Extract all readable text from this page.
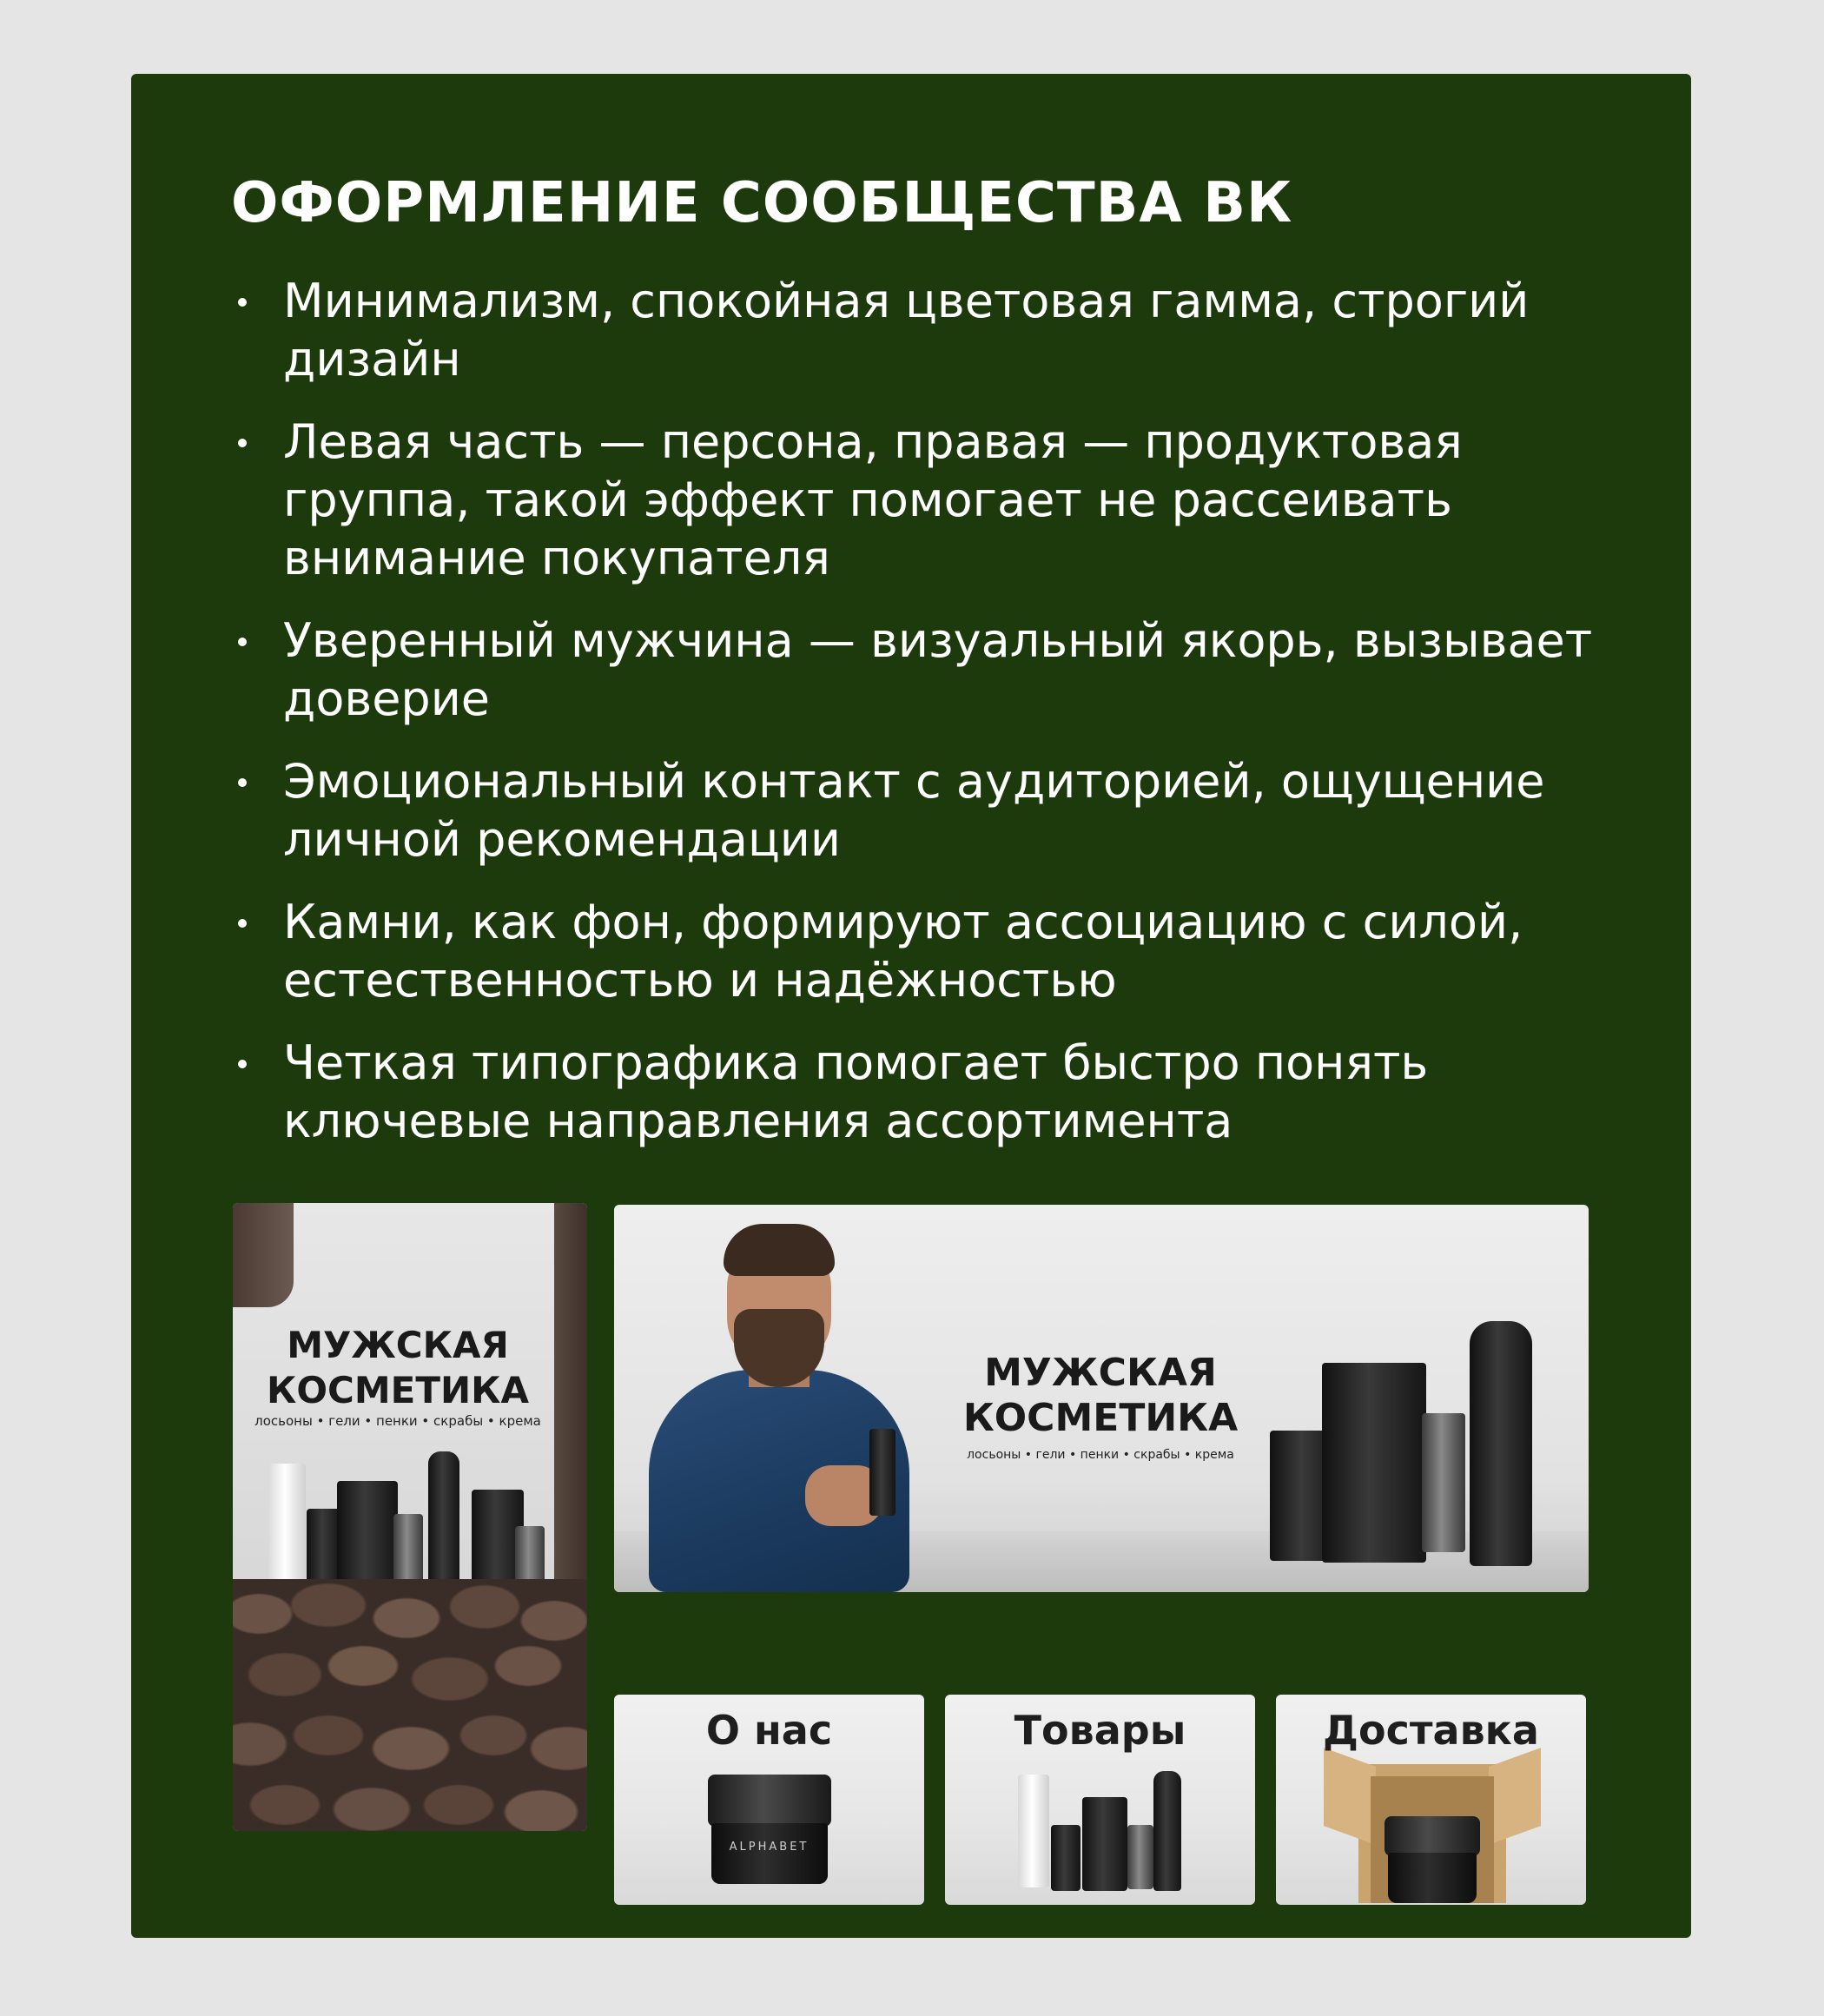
ОФОРМЛЕНИЕ СООБЩЕСТВА ВК
Минимализм, спокойная цветовая гамма, строгий дизайн
Левая часть — персона, правая — продуктовая группа, такой эффект помогает не рассеивать внимание покупателя
Уверенный мужчина — визуальный якорь, вызывает доверие
Эмоциональный контакт с аудиторией, ощущение личной рекомендации
Камни, как фон, формируют ассоциацию с силой, естественностью и надёжностью
Четкая типографика помогает быстро понять ключевые направления ассортимента
МУЖСКАЯ
КОСМЕТИКА
лосьоны • гели • пенки • скрабы • крема
МУЖСКАЯ
КОСМЕТИКА
лосьоны • гели • пенки • скрабы • крема
О нас
ALPHABET
Товары	Доставка
